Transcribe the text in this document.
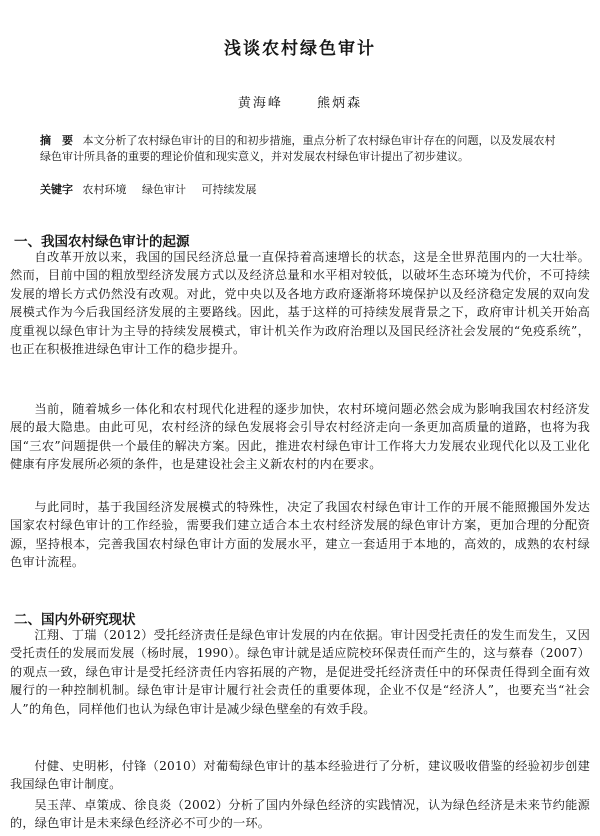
浅谈农村绿色审计
黄海峰	熊炳森
摘　要 本文分析了农村绿色审计的目的和初步措施，重点分析了农村绿色审计存在的问题，以及发展农村绿色审计所具备的重要的理论价值和现实意义，并对发展农村绿色审计提出了初步建议。
关键字 农村环境 绿色审计 可持续发展
一、我国农村绿色审计的起源

自改革开放以来，我国的国民经济总量一直保持着高速增长的状态，这是全世界范围内的一大壮举。然而，目前中国的粗放型经济发展方式以及经济总量和水平相对较低，以破坏生态环境为代价，不可持续发展的增长方式仍然没有改观。对此，党中央以及各地方政府逐渐将环境保护以及经济稳定发展的双向发展模式作为今后我国经济发展的主要路线。因此，基于这样的可持续发展背景之下，政府审计机关开始高度重视以绿色审计为主导的持续发展模式，审计机关作为政府治理以及国民经济社会发展的“免疫系统”，也正在积极推进绿色审计工作的稳步提升。

当前，随着城乡一体化和农村现代化进程的逐步加快，农村环境问题必然会成为影响我国农村经济发展的最大隐患。由此可见，农村经济的绿色发展将会引导农村经济走向一条更加高质量的道路，也将为我国“三农”问题提供一个最佳的解决方案。因此，推进农村绿色审计工作将大力发展农业现代化以及工业化健康有序发展所必须的条件，也是建设社会主义新农村的内在要求。

与此同时，基于我国经济发展模式的特殊性，决定了我国农村绿色审计工作的开展不能照搬国外发达国家农村绿色审计的工作经验，需要我们建立适合本土农村经济发展的绿色审计方案，更加合理的分配资源，坚持根本，完善我国农村绿色审计方面的发展水平，建立一套适用于本地的，高效的，成熟的农村绿色审计流程。

二、国内外研究现状

江翔、丁瑞（2012）受托经济责任是绿色审计发展的内在依据。审计因受托责任的发生而发生，又因受托责任的发展而发展（杨时展，1990）。绿色审计就是适应院校环保责任而产生的，这与蔡春（2007）的观点一致，绿色审计是受托经济责任内容拓展的产物，是促进受托经济责任中的环保责任得到全面有效履行的一种控制机制。绿色审计是审计履行社会责任的重要体现，企业不仅是“经济人”，也要充当“社会人”的角色，同样他们也认为绿色审计是减少绿色壁垒的有效手段。

付健、史明彬，付锋（2010）对葡萄绿色审计的基本经验进行了分析，建议吸收借鉴的经验初步创建我国绿色审计制度。

吴玉萍、卓策成、徐良炎（2002）分析了国内外绿色经济的实践情况，认为绿色经济是未来节约能源的，绿色审计是未来绿色经济必不可少的一环。
